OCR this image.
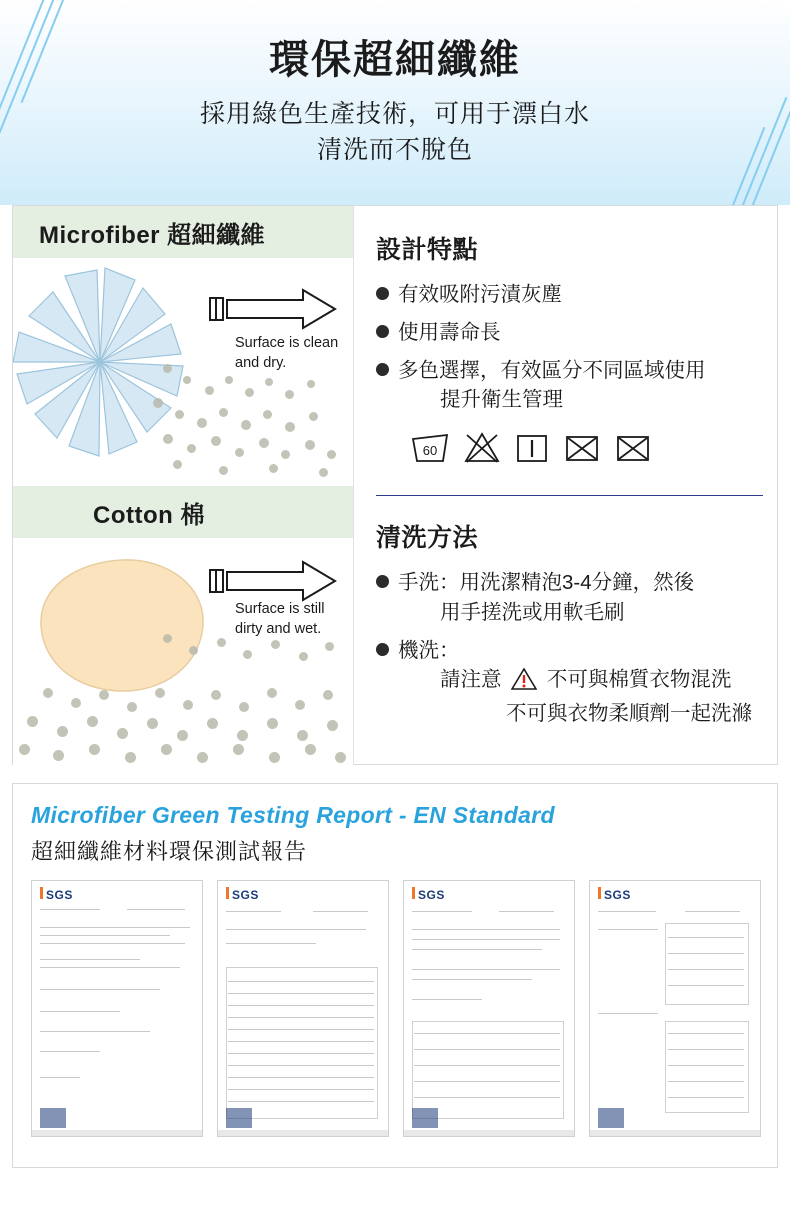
環保超細纖維
採用綠色生產技術，可用于漂白水
清洗而不脫色
Microfiber 超細纖維
Surface is clean and dry.
Cotton 棉
Surface is still dirty and wet.
設計特點
有效吸附污漬灰塵
使用壽命長
多色選擇，有效區分不同區域使用
提升衛生管理
60
清洗方法
手洗：用洗潔精泡3-4分鐘，然後
用手搓洗或用軟毛刷
機洗：
請注意 不可與棉質衣物混洗
不可與衣物柔順劑一起洗滌
Microfiber Green Testing Report - EN Standard
超細纖維材料環保測試報告
SGS	SGS	SGS	SGS
